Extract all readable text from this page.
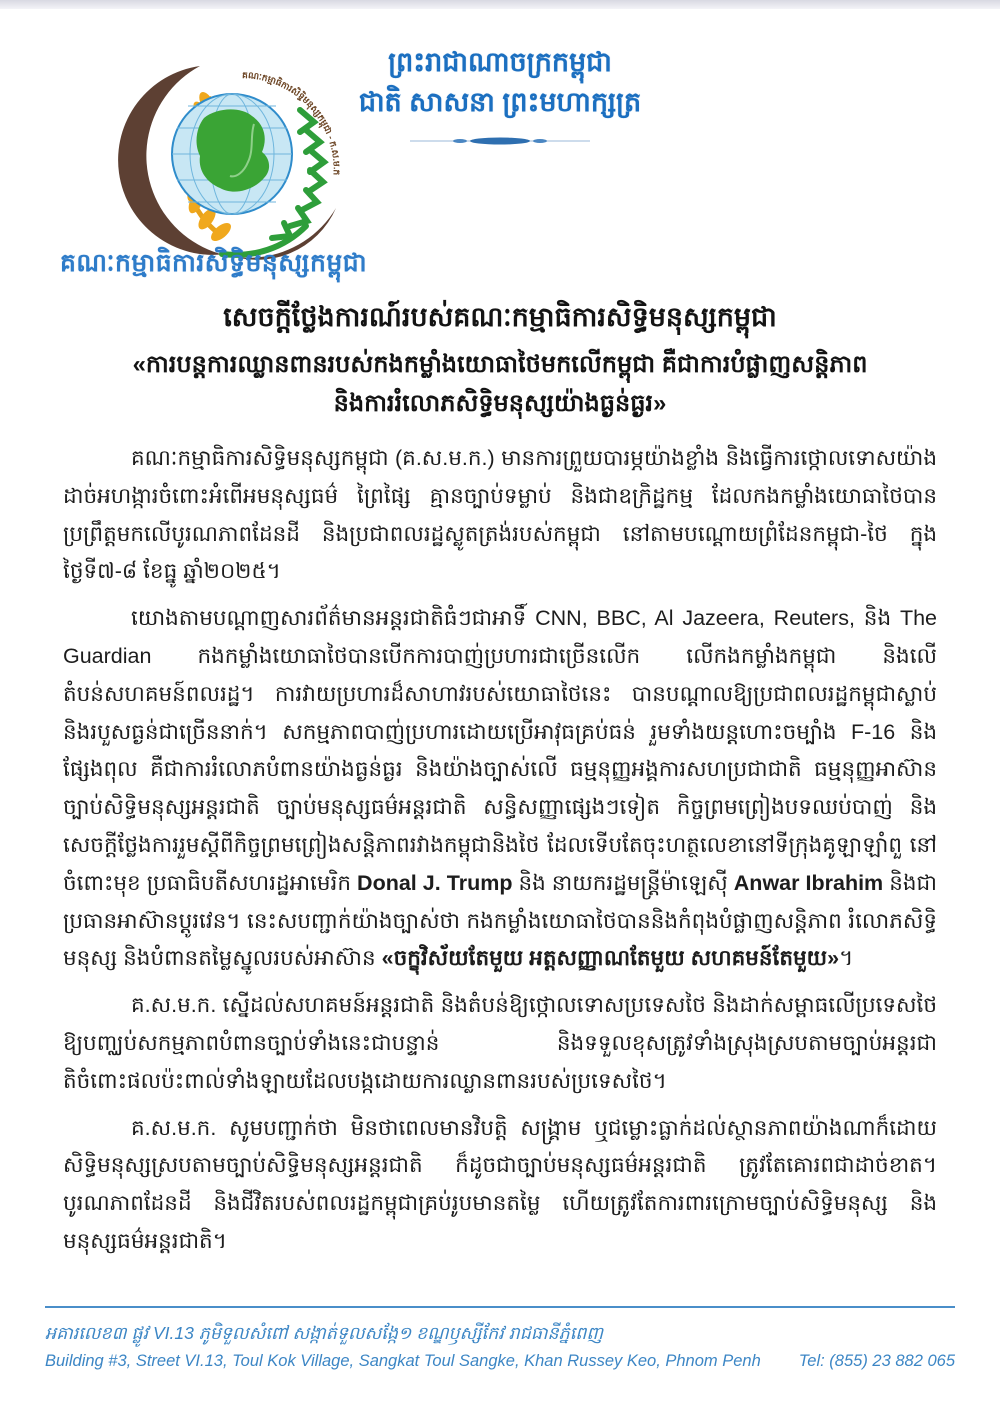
ព្រះរាជាណាចក្រកម្ពុជា
ជាតិ សាសនា ព្រះមហាក្សត្រ
គណៈកម្មាធិការសិទ្ធិមនុស្សកម្ពុជា - ក.ស.ម.ក
គណៈកម្មាធិការសិទ្ធិមនុស្សកម្ពុជា
សេចក្តីថ្លែងការណ៍របស់គណៈកម្មាធិការសិទ្ធិមនុស្សកម្ពុជា
«ការបន្តការឈ្លានពានរបស់កងកម្លាំងយោធាថៃមកលើកម្ពុជា គឺជាការបំផ្លាញសន្តិភាព
និងការរំលោភសិទ្ធិមនុស្សយ៉ាងធ្ងន់ធ្ងរ»

គណៈកម្មាធិការសិទ្ធិមនុស្សកម្ពុជា (គ.ស.ម.ក.) មានការព្រួយបារម្ភយ៉ាងខ្លាំង និងធ្វើការថ្កោលទោសយ៉ាងដាច់អហង្ការចំពោះអំពើអមនុស្សធម៌ ព្រៃផ្សៃ គ្មានច្បាប់ទម្លាប់ និងជាឧក្រិដ្ឋកម្ម ដែលកងកម្លាំងយោធាថៃបានប្រព្រឹត្តមកលើបូរណភាពដែនដី និងប្រជាពលរដ្ឋស្លូតត្រង់របស់កម្ពុជា នៅតាមបណ្តោយព្រំដែនកម្ពុជា-ថៃ ក្នុងថ្ងៃទី៧-៨ ខែធ្នូ ឆ្នាំ២០២៥។

យោងតាមបណ្តាញសារព័ត៌មានអន្តរជាតិធំៗជាអាទិ៍ CNN, BBC, Al Jazeera, Reuters, និង The Guardian កងកម្លាំងយោធាថៃបានបើកការបាញ់ប្រហារជាច្រើនលើក លើកងកម្លាំងកម្ពុជា និងលើតំបន់សហគមន៍ពលរដ្ឋ។ ការវាយប្រហារដ៏សាហាវរបស់យោធាថៃនេះ បានបណ្តាលឱ្យប្រជាពលរដ្ឋកម្ពុជាស្លាប់ និងរបួសធ្ងន់ជាច្រើននាក់។ សកម្មភាពបាញ់ប្រហារដោយប្រើអាវុធគ្រប់ធន់ រួមទាំងយន្តហោះចម្បាំង F-16 និងផ្សែងពុល គឺជាការរំលោភបំពានយ៉ាងធ្ងន់ធ្ងរ និងយ៉ាងច្បាស់លើ ធម្មនុញ្ញអង្គការសហប្រជាជាតិ ធម្មនុញ្ញអាស៊ាន ច្បាប់សិទ្ធិមនុស្សអន្តរជាតិ ច្បាប់មនុស្សធម៌អន្តរជាតិ សន្ធិសញ្ញាផ្សេងៗទៀត កិច្ចព្រមព្រៀងបទឈប់បាញ់ និង សេចក្តីថ្លែងការរួមស្តីពីកិច្ចព្រមព្រៀងសន្តិភាពរវាងកម្ពុជានិងថៃ ដែលទើបតែចុះហត្ថលេខានៅទីក្រុងគូឡាឡាំពួ នៅចំពោះមុខ ប្រធាធិបតីសហរដ្ឋអាមេរិក Donal J. Trump និង នាយករដ្ឋមន្ត្រីម៉ាឡេស៊ី Anwar Ibrahim និងជាប្រធានអាស៊ានប្តូរវេន។ នេះសបញ្ជាក់យ៉ាងច្បាស់ថា កងកម្លាំងយោធាថៃបាននិងកំពុងបំផ្លាញសន្តិភាព រំលោភសិទ្ធិមនុស្ស និងបំពានតម្លៃស្នូលរបស់អាស៊ាន «ចក្ខុវិស័យតែមួយ អត្តសញ្ញាណតែមួយ សហគមន៍តែមួយ»។

គ.ស.ម.ក. ស្នើដល់សហគមន៍អន្តរជាតិ និងតំបន់ឱ្យថ្កោលទោសប្រទេសថៃ និងដាក់សម្ពាធលើប្រទេសថៃ ឱ្យបញ្ឈប់សកម្មភាពបំពានច្បាប់ទាំងនេះជាបន្ទាន់ និងទទួលខុសត្រូវទាំងស្រុងស្របតាមច្បាប់អន្តរជាតិចំពោះផលប៉ះពាល់ទាំងឡាយដែលបង្កដោយការឈ្លានពានរបស់ប្រទេសថៃ។

គ.ស.ម.ក. សូមបញ្ជាក់ថា មិនថាពេលមានវិបត្តិ សង្គ្រាម ឬជម្លោះធ្លាក់ដល់ស្ថានភាពយ៉ាងណាក៏ដោយ សិទ្ធិមនុស្សស្របតាមច្បាប់សិទ្ធិមនុស្សអន្តរជាតិ ក៏ដូចជាច្បាប់មនុស្សធម៌អន្តរជាតិ ត្រូវតែគោរពជាដាច់ខាត។ បូរណភាពដែនដី និងជីវិតរបស់ពលរដ្ឋកម្ពុជាគ្រប់រូបមានតម្លៃ ហើយត្រូវតែការពារក្រោមច្បាប់សិទ្ធិមនុស្ស និងមនុស្សធម៌អន្តរជាតិ។

អគារលេខ៣ ផ្លូវ VI.13 ភូមិទួលសំពៅ សង្កាត់ទួលសង្កែ១ ខណ្ឌឫស្សីកែវ រាជធានីភ្នំពេញ
Building #3, Street VI.13, Toul Kok Village, Sangkat Toul Sangke, Khan Russey Keo, Phnom Penh Tel: (855) 23 882 065
